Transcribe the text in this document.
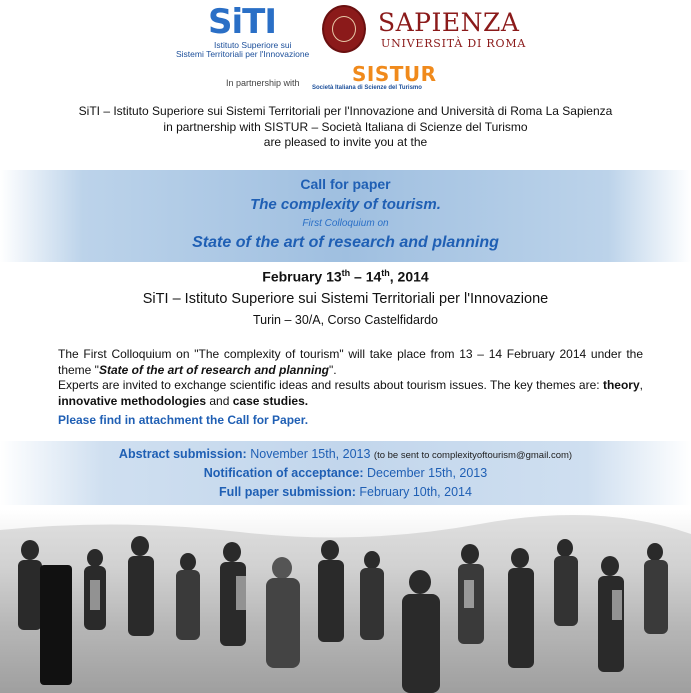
SiTI
Istituto Superiore sui
Sistemi Territoriali per l'Innovazione
SAPIENZA
UNIVERSITÀ DI ROMA
In partnership with	SISTUR
Società Italiana di Scienze del Turismo
SiTI – Istituto Superiore sui Sistemi Territoriali per l'Innovazione and Università di Roma La Sapienza
in partnership with SISTUR – Società Italiana di Scienze del Turismo
are pleased to invite you at the
Call for paper
The complexity of tourism.
First Colloquium on
State of the art of research and planning
February 13th – 14th, 2014
SiTI – Istituto Superiore sui Sistemi Territoriali per l'Innovazione
Turin – 30/A, Corso Castelfidardo
The First Colloquium on "The complexity of tourism" will take place from 13 – 14 February 2014 under the theme "State of the art of research and planning".
Experts are invited to exchange scientific ideas and results about tourism issues. The key themes are: theory, innovative methodologies and case studies.
Please find in attachment the Call for Paper.
Abstract submission: November 15th, 2013 (to be sent to complexityoftourism@gmail.com)
Notification of acceptance: December 15th, 2013
Full paper submission: February 10th, 2014
